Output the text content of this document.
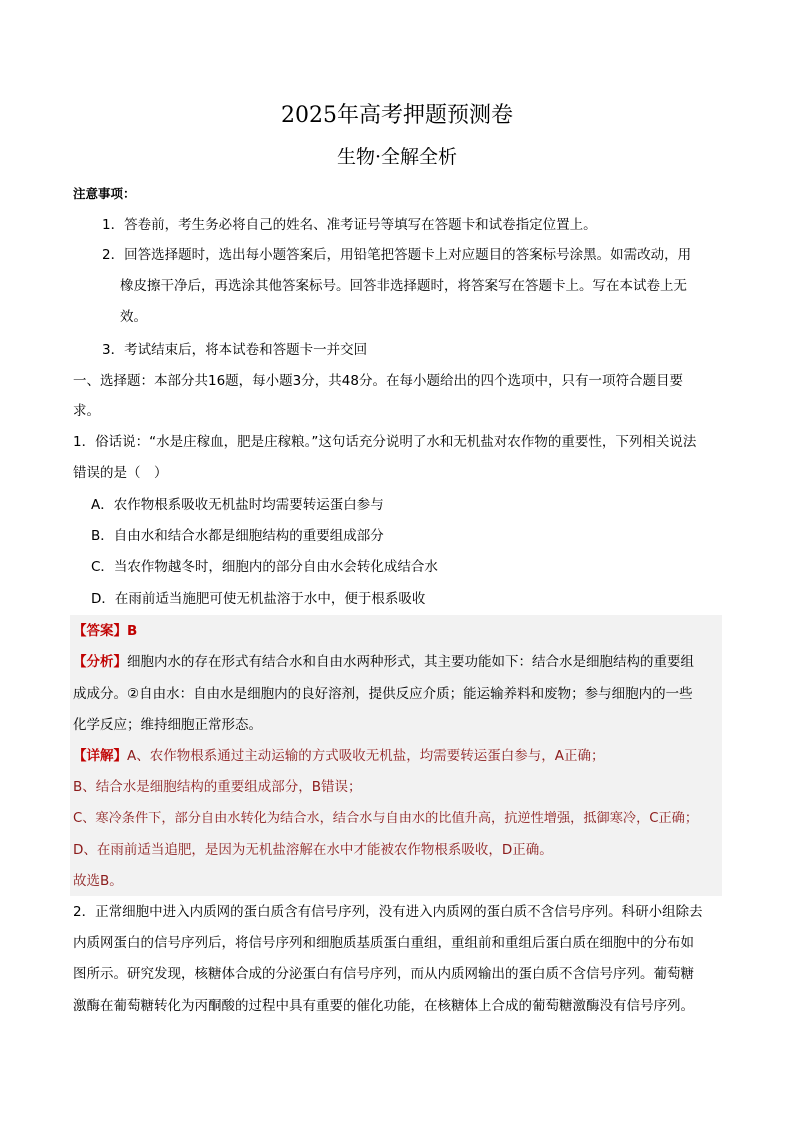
2025年高考押题预测卷
生物·全解全析
注意事项：
1．答卷前，考生务必将自己的姓名、准考证号等填写在答题卡和试卷指定位置上。
2．回答选择题时，选出每小题答案后，用铅笔把答题卡上对应题目的答案标号涂黑。如需改动，用
橡皮擦干净后，再选涂其他答案标号。回答非选择题时，将答案写在答题卡上。写在本试卷上无
效。
3．考试结束后，将本试卷和答题卡一并交回
一、选择题：本部分共16题，每小题3分，共48分。在每小题给出的四个选项中，只有一项符合题目要
求。
1．俗话说：“水是庄稼血，肥是庄稼粮。”这句话充分说明了水和无机盐对农作物的重要性，下列相关说法
错误的是（　）
A．农作物根系吸收无机盐时均需要转运蛋白参与
B．自由水和结合水都是细胞结构的重要组成部分
C．当农作物越冬时，细胞内的部分自由水会转化成结合水
D．在雨前适当施肥可使无机盐溶于水中，便于根系吸收
【答案】B
【分析】细胞内水的存在形式有结合水和自由水两种形式，其主要功能如下：结合水是细胞结构的重要组
成成分。②自由水：自由水是细胞内的良好溶剂，提供反应介质；能运输养料和废物；参与细胞内的一些
化学反应；维持细胞正常形态。
【详解】A、农作物根系通过主动运输的方式吸收无机盐，均需要转运蛋白参与，A正确；
B、结合水是细胞结构的重要组成部分，B错误；
C、寒冷条件下，部分自由水转化为结合水，结合水与自由水的比值升高，抗逆性增强，抵御寒冷，C正确；
D、在雨前适当追肥，是因为无机盐溶解在水中才能被农作物根系吸收，D正确。
故选B。
2．正常细胞中进入内质网的蛋白质含有信号序列，没有进入内质网的蛋白质不含信号序列。科研小组除去
内质网蛋白的信号序列后，将信号序列和细胞质基质蛋白重组，重组前和重组后蛋白质在细胞中的分布如
图所示。研究发现，核糖体合成的分泌蛋白有信号序列，而从内质网输出的蛋白质不含信号序列。葡萄糖
激酶在葡萄糖转化为丙酮酸的过程中具有重要的催化功能，在核糖体上合成的葡萄糖激酶没有信号序列。
